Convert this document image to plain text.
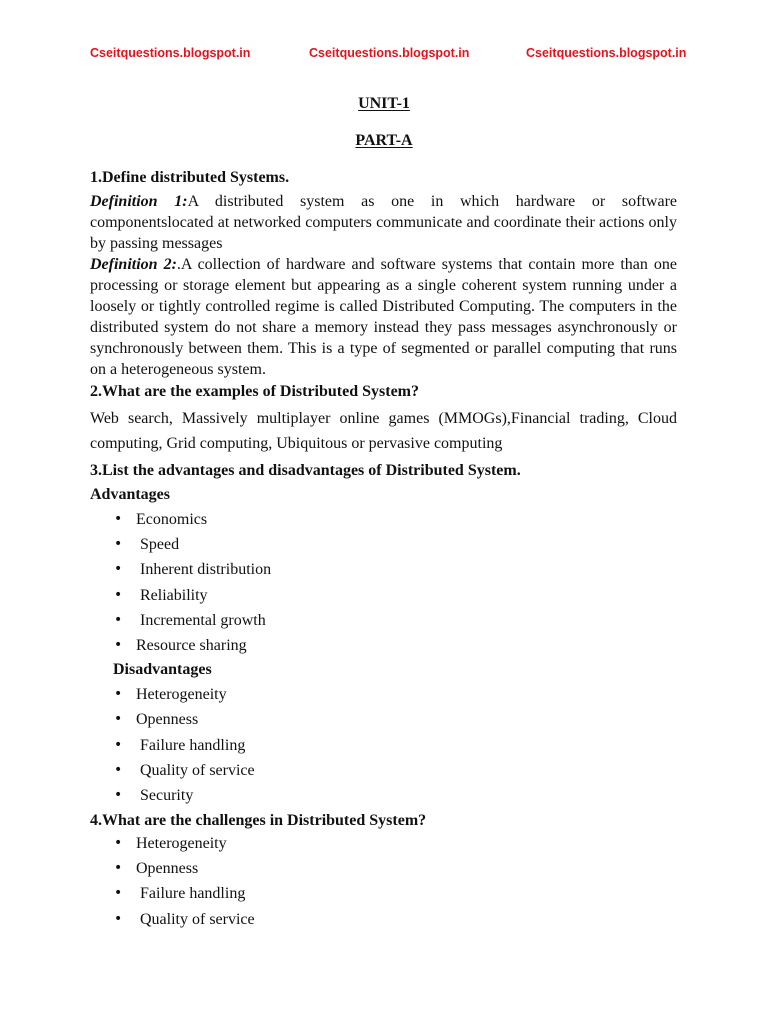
Cseitquestions.blogspot.in	Cseitquestions.blogspot.in	Cseitquestions.blogspot.in
UNIT-1
PART-A

1.Define distributed Systems.

Definition 1:A distributed system as one in which hardware or software componentslocated at networked computers communicate and coordinate their actions only by passing messages

Definition 2:.A collection of hardware and software systems that contain more than one processing or storage element but appearing as a single coherent system running under a loosely or tightly controlled regime is called Distributed Computing. The computers in the distributed system do not share a memory instead they pass messages asynchronously or synchronously between them. This is a type of segmented or parallel computing that runs on a heterogeneous system.

2.What are the examples of Distributed System?

Web search, Massively multiplayer online games (MMOGs),Financial trading, Cloud computing, Grid computing, Ubiquitous or pervasive computing

3.List the advantages and disadvantages of Distributed System.

Advantages

• Economics
• Speed
• Inherent distribution
• Reliability
• Incremental growth
• Resource sharing

Disadvantages

• Heterogeneity
• Openness
• Failure handling
• Quality of service
• Security

4.What are the challenges in Distributed System?

• Heterogeneity
• Openness
• Failure handling
• Quality of service
